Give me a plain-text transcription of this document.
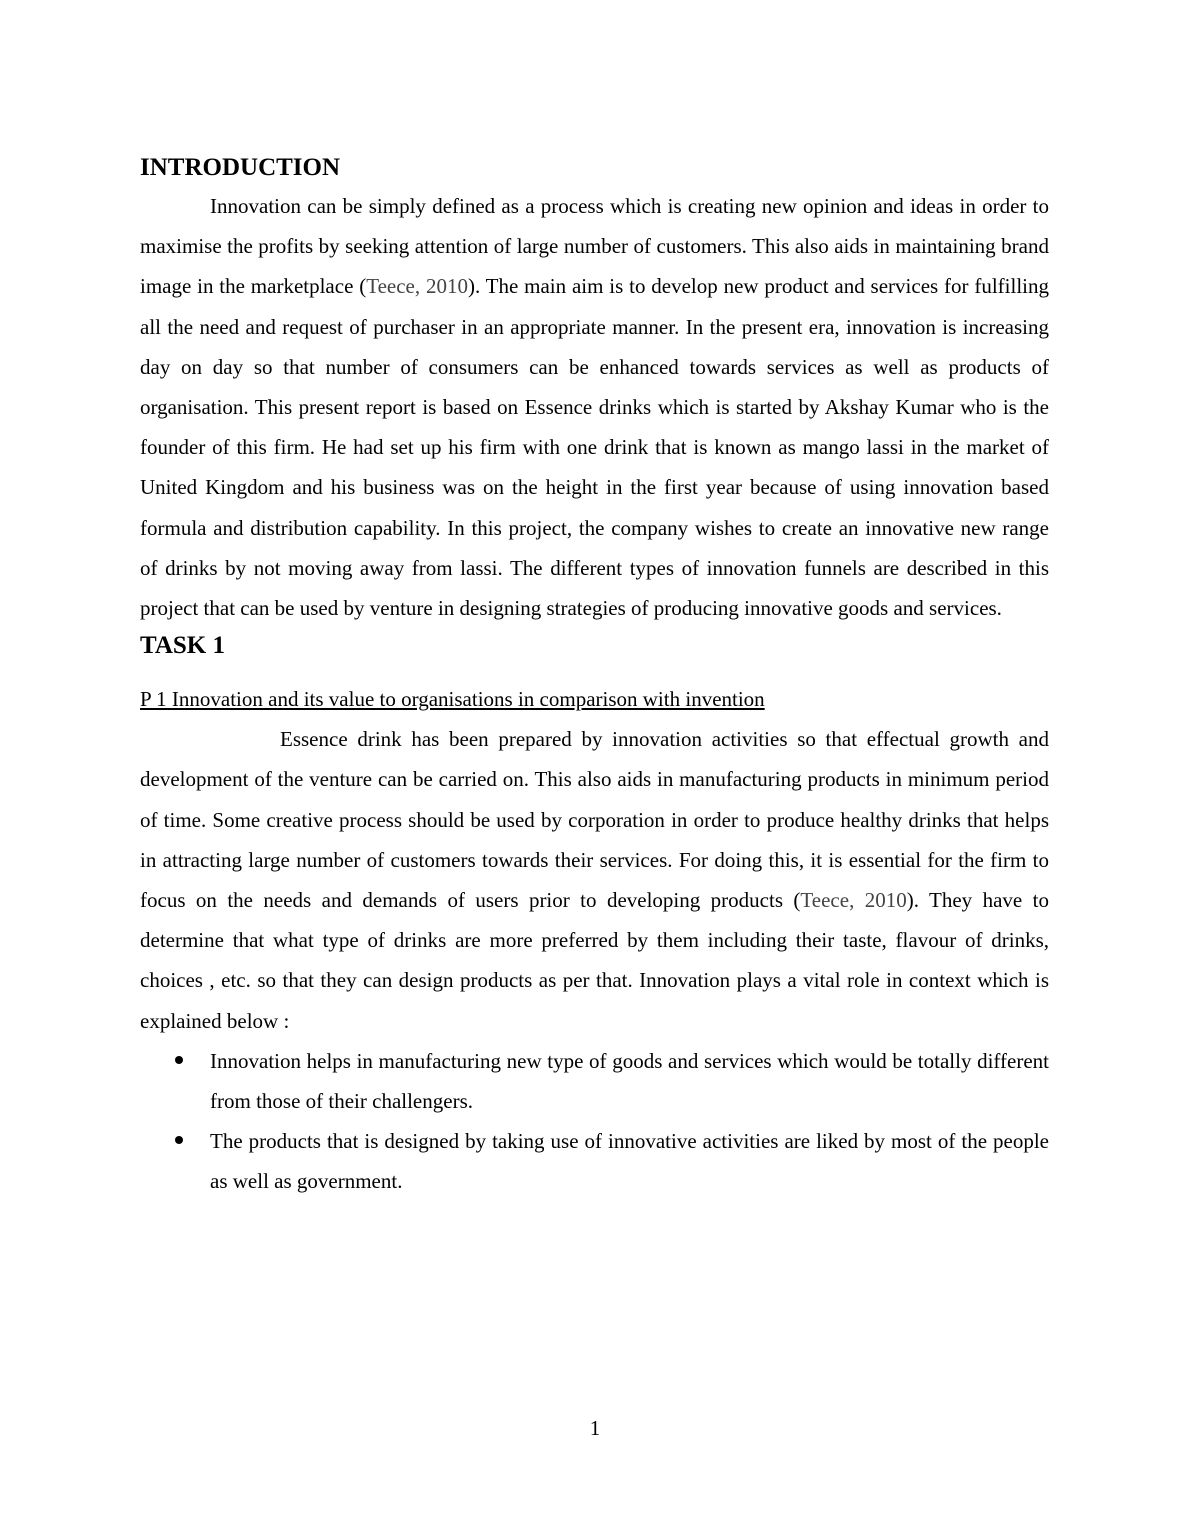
INTRODUCTION

Innovation can be simply defined as a process which is creating new opinion and ideas in order to maximise the profits by seeking attention of large number of customers. This also aids in maintaining brand image in the marketplace (Teece, 2010). The main aim is to develop new product and services for fulfilling all the need and request of purchaser in an appropriate manner. In the present era, innovation is increasing day on day so that number of consumers can be enhanced towards services as well as products of organisation. This present report is based on Essence drinks which is started by Akshay Kumar who is the founder of this firm. He had set up his firm with one drink that is known as mango lassi in the market of United Kingdom and his business was on the height in the first year because of using innovation based formula and distribution capability. In this project, the company wishes to create an innovative new range of drinks by not moving away from lassi. The different types of innovation funnels are described in this project that can be used by venture in designing strategies of producing innovative goods and services.

TASK 1
P 1 Innovation and its value to organisations in comparison with invention

Essence drink has been prepared by innovation activities so that effectual growth and development of the venture can be carried on. This also aids in manufacturing products in minimum period of time. Some creative process should be used by corporation in order to produce healthy drinks that helps in attracting large number of customers towards their services. For doing this, it is essential for the firm to focus on the needs and demands of users prior to developing products (Teece, 2010). They have to determine that what type of drinks are more preferred by them including their taste, flavour of drinks, choices , etc. so that they can design products as per that. Innovation plays a vital role in context which is explained below :

Innovation helps in manufacturing new type of goods and services which would be totally different from those of their challengers.
The products that is designed by taking use of innovative activities are liked by most of the people as well as government.
1
